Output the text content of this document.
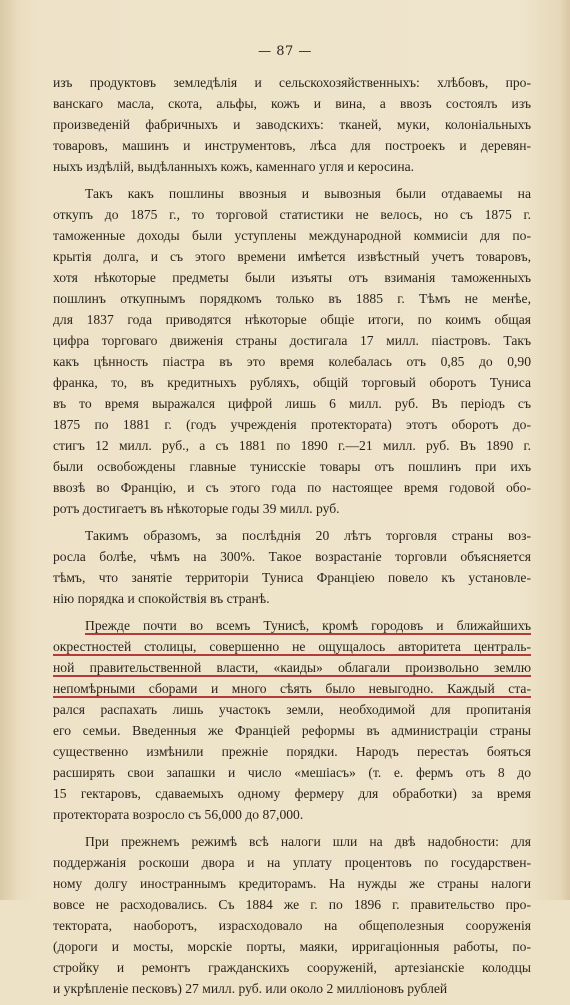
— 87 —
изъ продуктовъ земледѣлія и сельскохозяйственныхъ: хлѣбовъ, про-
ванскаго масла, скота, альфы, кожъ и вина, а ввозъ состоялъ изъ
произведеній фабричныхъ и заводскихъ: тканей, муки, колоніальныхъ
товаровъ, машинъ и инструментовъ, лѣса для построекъ и деревян-
ныхъ издѣлій, выдѣланныхъ кожъ, каменнаго угля и керосина.
Такъ какъ пошлины ввозныя и вывозныя были отдаваемы на
откупъ до 1875 г., то торговой статистики не велось, но съ 1875 г.
таможенные доходы были уступлены международной коммисіи для по-
крытія долга, и съ этого времени имѣется извѣстный учетъ товаровъ,
хотя нѣкоторые предметы были изъяты отъ взиманія таможенныхъ
пошлинъ откупнымъ порядкомъ только въ 1885 г. Тѣмъ не менѣе,
для 1837 года приводятся нѣкоторые общіе итоги, по коимъ общая
цифра торговаго движенія страны достигала 17 милл. піастровъ. Такъ
какъ цѣнность піастра въ это время колебалась отъ 0,85 до 0,90
франка, то, въ кредитныхъ рубляхъ, общій торговый оборотъ Туниса
въ то время выражался цифрой лишь 6 милл. руб. Въ періодъ съ
1875 по 1881 г. (годъ учрежденія протектората) этотъ оборотъ до-
стигъ 12 милл. руб., а съ 1881 по 1890 г.—21 милл. руб. Въ 1890 г.
были освобождены главные тунисскіе товары отъ пошлинъ при ихъ
ввозѣ во Францію, и съ этого года по настоящее время годовой обо-
ротъ достигаетъ въ нѣкоторые годы 39 милл. руб.
Такимъ образомъ, за послѣднія 20 лѣтъ торговля страны воз-
росла болѣе, чѣмъ на 300%. Такое возрастаніе торговли объясняется
тѣмъ, что занятіе территоріи Туниса Франціею повело къ установле-
нію порядка и спокойствія въ странѣ.
Прежде почти во всемъ Тунисѣ, кромѣ городовъ и ближайшихъ
окрестностей столицы, совершенно не ощущалось авторитета централь-
ной правительственной власти, «каиды» облагали произвольно землю
непомѣрными сборами и много сѣять было невыгодно. Каждый ста-
рался распахать лишь участокъ земли, необходимой для пропитанія
его семьи. Введенныя же Франціей реформы въ администраціи страны
существенно измѣнили прежніе порядки. Народъ перестаъ бояться
расширять свои запашки и число «мешіасъ» (т. е. фермъ отъ 8 до
15 гектаровъ, сдаваемыхъ одному фермеру для обработки) за время
протектората возросло съ 56,000 до 87,000.
При прежнемъ режимѣ всѣ налоги шли на двѣ надобности: для
поддержанія роскоши двора и на уплату процентовъ по государствен-
ному долгу иностраннымъ кредиторамъ. На нужды же страны налоги
вовсе не расходовались. Съ 1884 же г. по 1896 г. правительство про-
тектората, наоборотъ, израсходовало на общеполезныя сооруженія
(дороги и мосты, морскіе порты, маяки, ирригаціонныя работы, по-
стройку и ремонтъ гражданскихъ сооруженій, артезіанскіе колодцы
и укрѣпленіе песковъ) 27 милл. руб. или около 2 милліоновъ рублей
